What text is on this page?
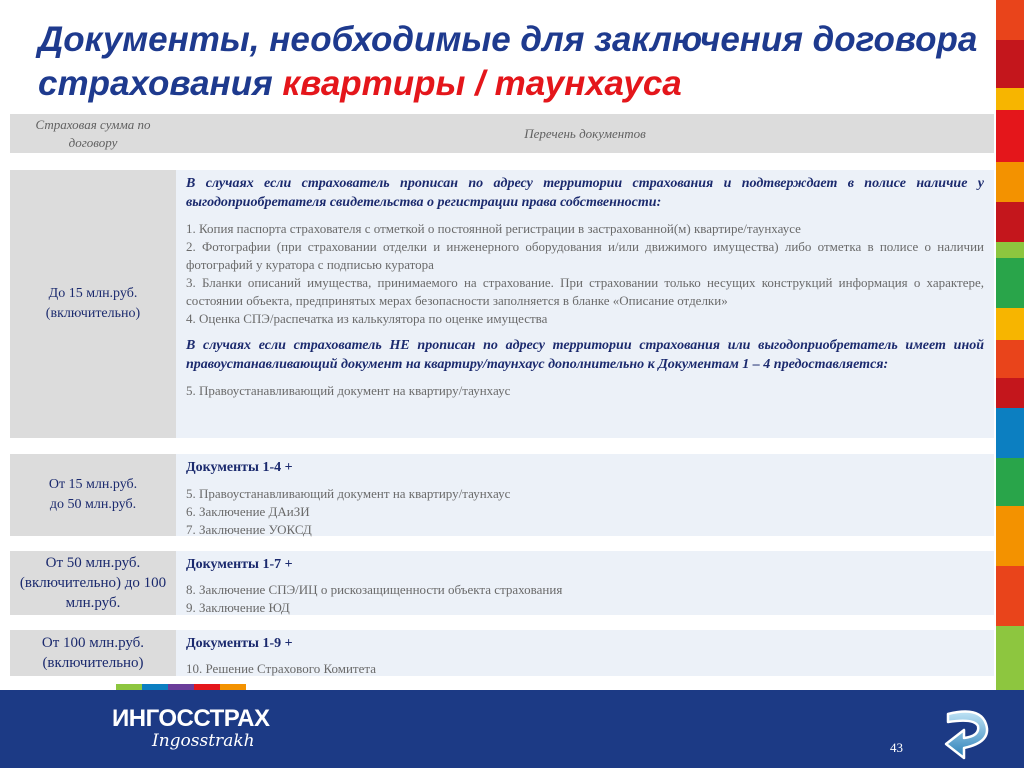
Документы, необходимые для заключения договора страхования квартиры / таунхауса
Страховая сумма по договору
Перечень документов
До 15 млн.руб. (включительно)

В случаях если страхователь прописан по адресу территории страхования и подтверждает в полисе наличие у выгодоприобретателя свидетельства о регистрации права собственности:

1. Копия паспорта страхователя с отметкой о постоянной регистрации в застрахованной(м) квартире/таунхаусе
2. Фотографии (при страховании отделки и инженерного оборудования и/или движимого имущества) либо отметка в полисе о наличии фотографий у куратора с подписью куратора
3. Бланки описаний имущества, принимаемого на страхование. При страховании только несущих конструкций информация о характере, состоянии объекта, предпринятых мерах безопасности заполняется в бланке «Описание отделки»
4. Оценка СПЭ/распечатка из калькулятора по оценке имущества

В случаях если страхователь НЕ прописан по адресу территории страхования или выгодоприобретатель имеет иной правоустанавливающий документ на квартиру/таунхаус дополнительно к Документам 1 – 4 предоставляется:

5. Правоустанавливающий документ на квартиру/таунхаус
От 15 млн.руб.
до 50 млн.руб.

Документы 1-4 +

5. Правоустанавливающий документ на квартиру/таунхаус
6. Заключение ДАиЗИ
7. Заключение УОКСД
От 50 млн.руб. (включительно) до 100 млн.руб.

Документы 1-7 +

8. Заключение СПЭ/ИЦ о рискозащищенности объекта страхования
9. Заключение ЮД
От 100 млн.руб. (включительно)

Документы 1-9 +

10. Решение Страхового Комитета
ИНГОССТРАХ
Ingosstrakh	43
